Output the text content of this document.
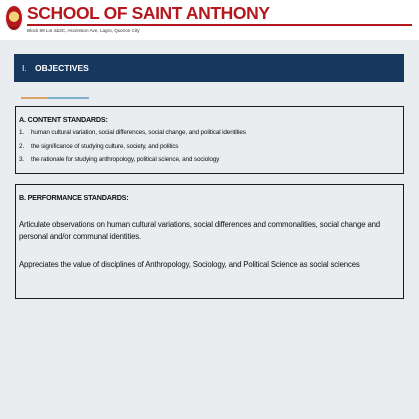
SCHOOL OF SAINT ANTHONY
Block 89 Lot 4&3C, Ascension Ave, Lagro, Quezon City
I. OBJECTIVES
A. CONTENT STANDARDS:
1. human cultural variation, social differences, social change, and political identities
2. the significance of studying culture, society, and politics
3. the rationale for studying anthropology, political science, and sociology
B. PERFORMANCE STANDARDS:
Articulate observations on human cultural variations, social differences and commonalities, social change and personal and/or communal identities.
Appreciates the value of disciplines of Anthropology, Sociology, and Political Science as social sciences
